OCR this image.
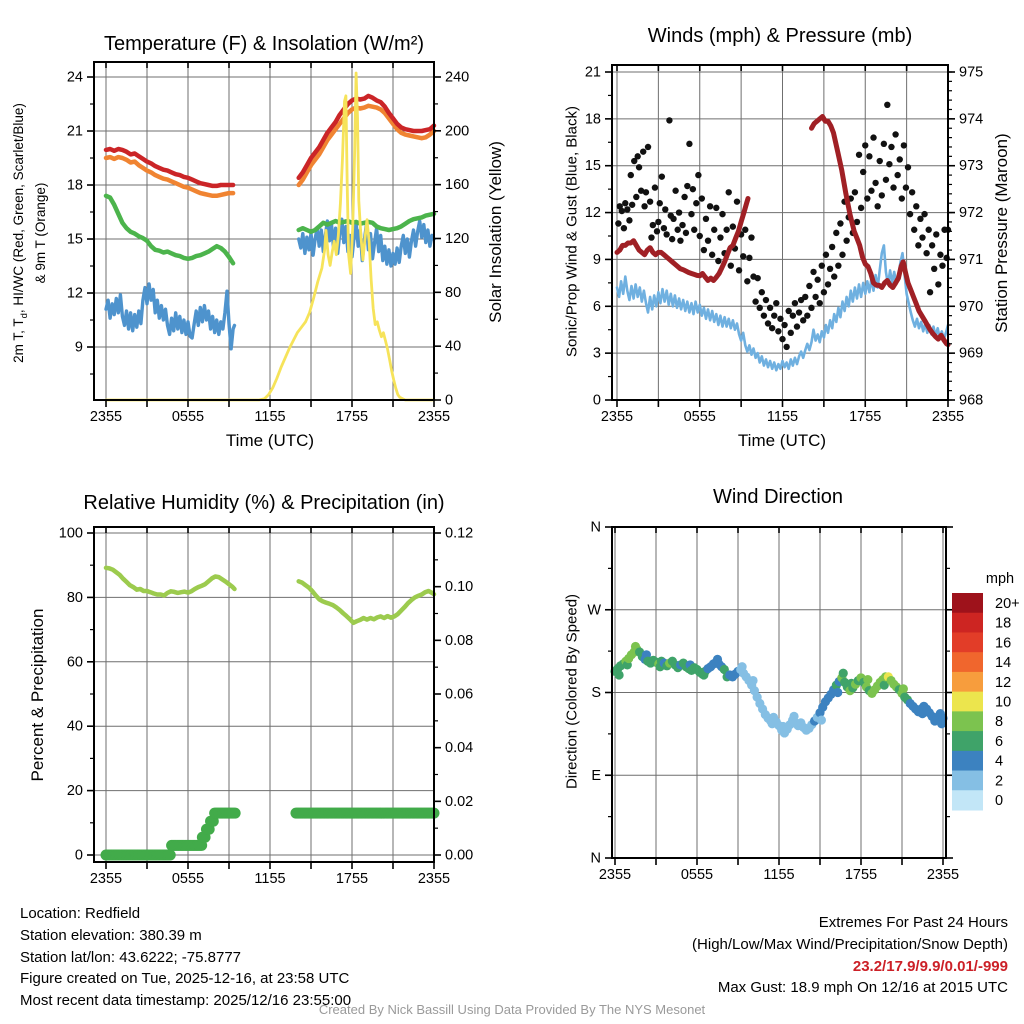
2355	0555	1155	1755	2355
9
12
15
18
21
24
0
40
80
120
160
200
240
2355	0555	1155	1755	2355
0
3
6
9
12
15
18
21
968
969
970
971
972
973
974
975
2355	0555	1155	1755	2355
0
20
40
60
80
100
0.00
0.02
0.04
0.06
0.08
0.10
0.12
2355	0555	1155	1755	2355
N
E
S
W
N
20+
18
16
14
12
10
8
6
4
2
0
Temperature (F) & Insolation (W/m²)	Winds (mph) & Pressure (mb)
Relative Humidity (%) & Precipitation (in)	Wind Direction
Time (UTC)	Time (UTC)
2m T, $T_d$, HI/WC (Red, Green, Scarlet/Blue) & 9m T (Orange)	Solar Insolation (Yellow)	Sonic/Prop Wind & Gust (Blue, Black)	Station Pressure (Maroon)
Percent & Precipitation	Direction (Colored By Speed)
mph
Location: Redfield
Station elevation: 380.39 m
Station lat/lon: 43.6222; -75.8777
Figure created on Tue, 2025-12-16, at 23:58 UTC
Most recent data timestamp: 2025/12/16 23:55:00
Extremes For Past 24 Hours
(High/Low/Max Wind/Precipitation/Snow Depth)
23.2/17.9/9.9/0.01/-999
Max Gust: 18.9 mph On 12/16 at 2015 UTC
Created By Nick Bassill Using Data Provided By The NYS Mesonet
